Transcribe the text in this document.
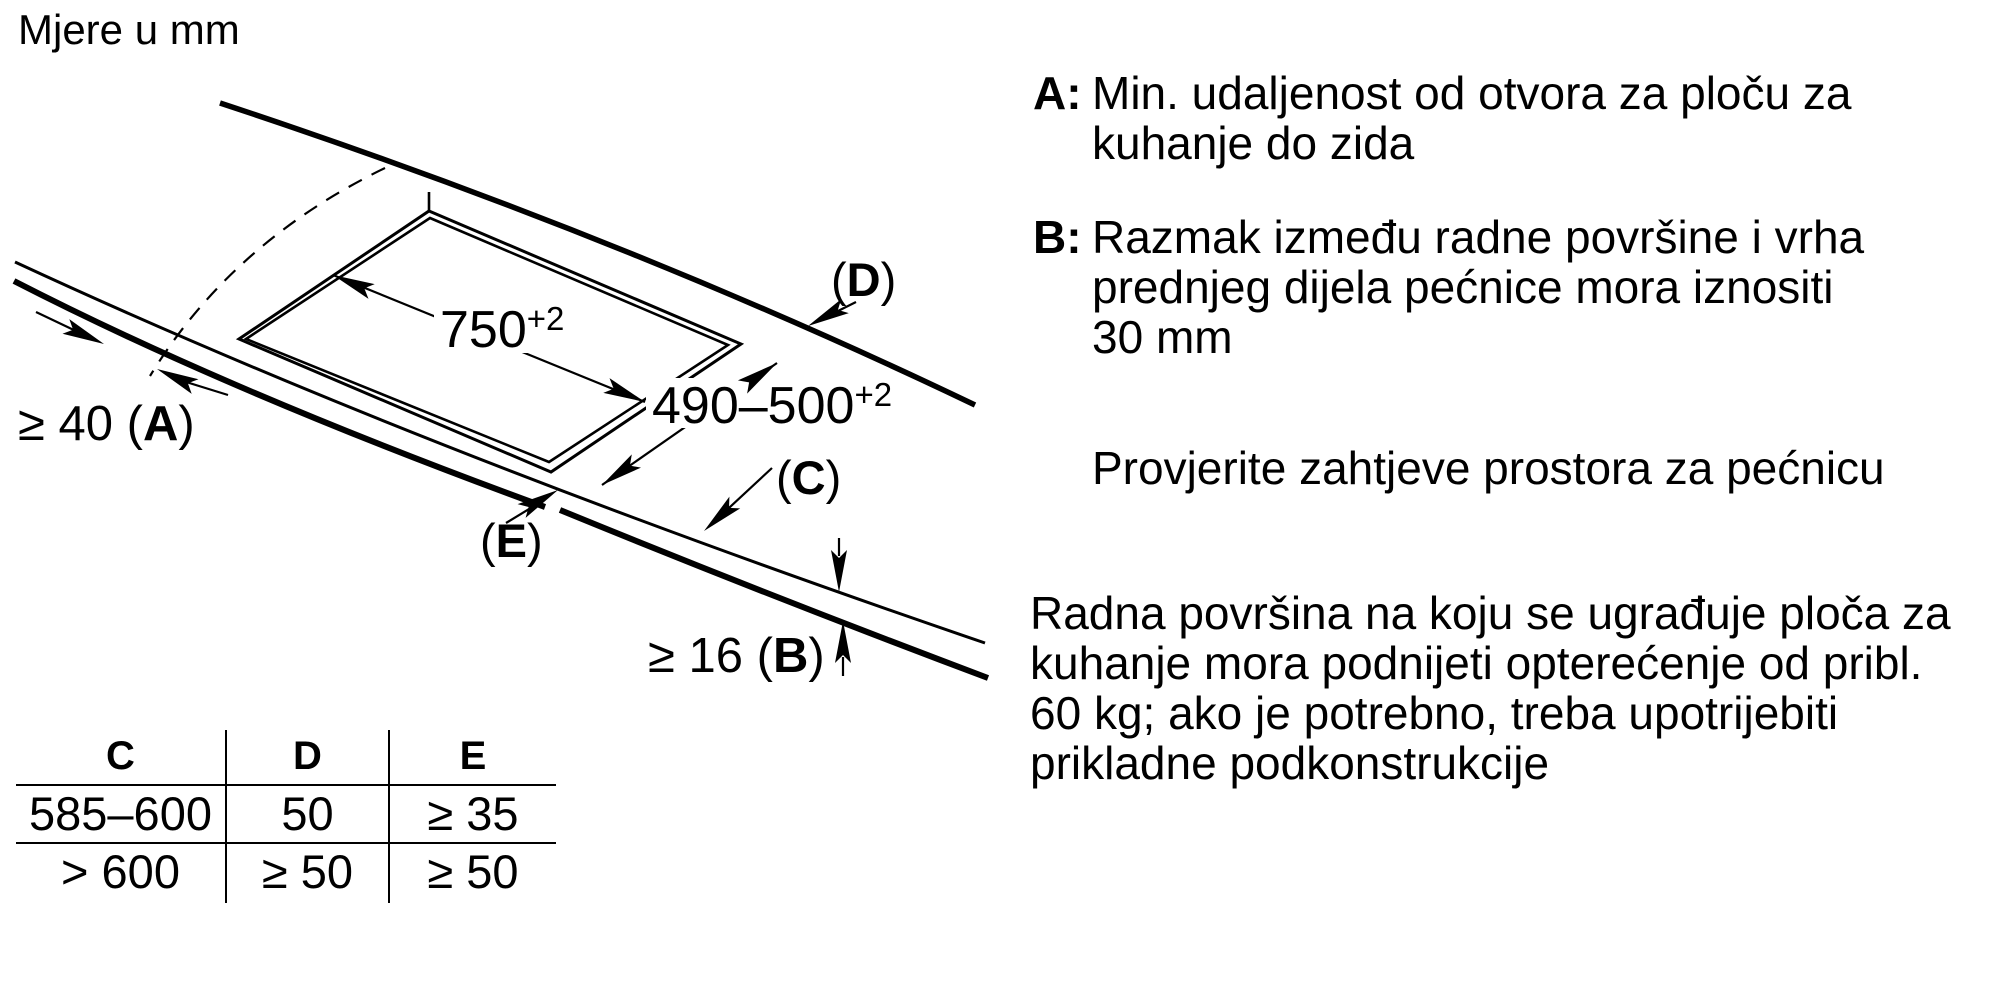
Mjere u mm
$750^{+2}$
$490-500^{+2}$
≥ 40 (A)
≥ 16 (B)
(D)
(C)
(E)
C	D	E
585–600	50	≥ 35
> 600	≥ 50	≥ 50
A: Min. udaljenost od otvora za ploču za
kuhanje do zida
B: Razmak između radne površine i vrha
prednjeg dijela pećnice mora iznositi
30 mm
Provjerite zahtjeve prostora za pećnicu
Radna površina na koju se ugrađuje ploča za
kuhanje mora podnijeti opterećenje od pribl.
60 kg; ako je potrebno, treba upotrijebiti
prikladne podkonstrukcije
